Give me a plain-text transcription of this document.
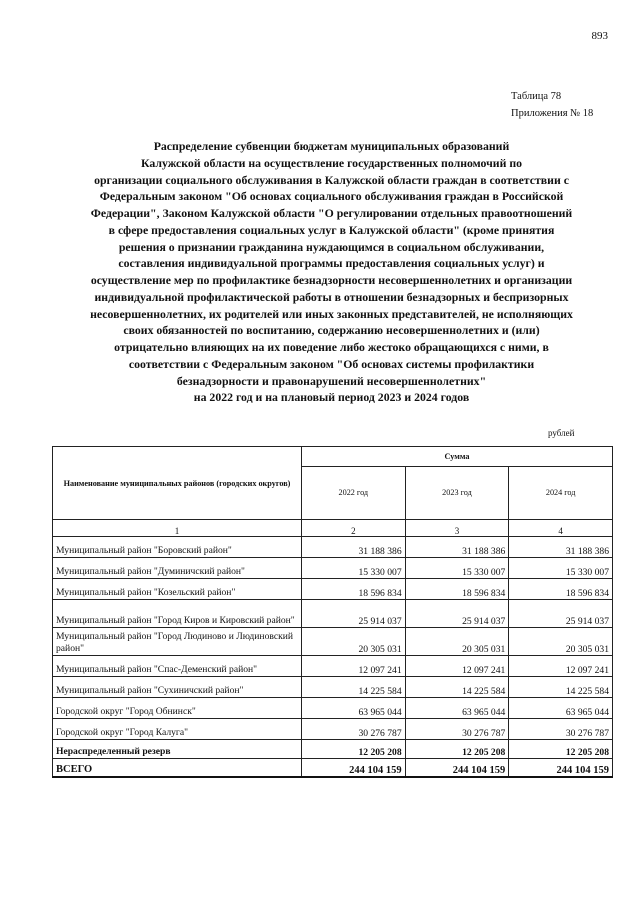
893
Таблица 78
Приложения № 18
Распределение субвенции бюджетам муниципальных образований
Калужской области на осуществление государственных полномочий по
организации социального обслуживания в Калужской области граждан в соответствии с
Федеральным законом "Об основах социального обслуживания граждан в Российской
Федерации", Законом Калужской области "О регулировании отдельных правоотношений
в сфере предоставления социальных услуг в Калужской области" (кроме принятия
решения о признании гражданина нуждающимся в социальном обслуживании,
составления индивидуальной программы предоставления социальных услуг) и
осуществление мер по профилактике безнадзорности несовершеннолетних и организации
индивидуальной профилактической работы в отношении безнадзорных и беспризорных
несовершеннолетних, их родителей или иных законных представителей, не исполняющих
своих обязанностей по воспитанию, содержанию несовершеннолетних и (или)
отрицательно влияющих на их поведение либо жестоко обращающихся с ними, в
соответствии с Федеральным законом "Об основах системы профилактики
безнадзорности и правонарушений несовершеннолетних"
на 2022 год и на плановый период 2023 и 2024 годов
рублей
Наименование муниципальных районов (городских округов)	Сумма		
	2022 год	2023 год	2024 год
1	2	3	4
Муниципальный район "Боровский район"	31 188 386	31 188 386	31 188 386
Муниципальный район "Думиничский район"	15 330 007	15 330 007	15 330 007
Муниципальный район "Козельский район"	18 596 834	18 596 834	18 596 834
Муниципальный район "Город Киров и Кировский район"	25 914 037	25 914 037	25 914 037
Муниципальный район "Город Людиново и Людиновский район"	20 305 031	20 305 031	20 305 031
Муниципальный район "Спас-Деменский район"	12 097 241	12 097 241	12 097 241
Муниципальный район "Сухиничский район"	14 225 584	14 225 584	14 225 584
Городской округ "Город Обнинск"	63 965 044	63 965 044	63 965 044
Городской округ "Город Калуга"	30 276 787	30 276 787	30 276 787
Нераспределенный резерв	12 205 208	12 205 208	12 205 208
ВСЕГО	244 104 159	244 104 159	244 104 159
